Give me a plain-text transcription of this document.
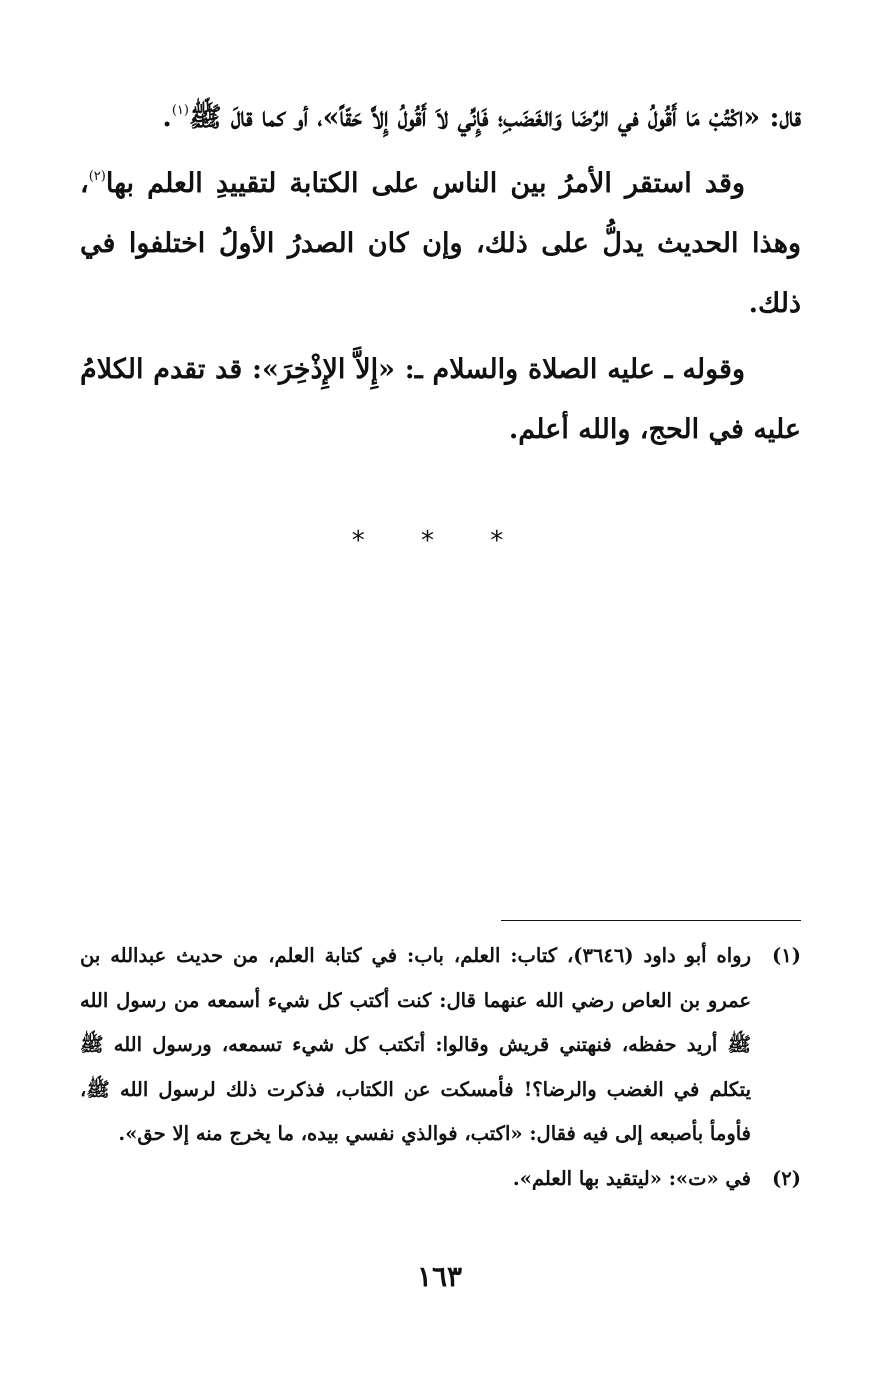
قال: «اكْتُبْ مَا أَقُولُ في الرِّضَا وَالغَضَبِ؛ فَإِنِّي لاَ أَقُولُ إِلاَّ حَقّاً»، أو كما قالَ ﷺ$^{(١)}$.

وقد استقر الأمرُ بين الناس على الكتابة لتقييدِ العلم بها$^{(٢)}$، وهذا الحديث يدلُّ على ذلك، وإن كان الصدرُ الأولُ اختلفوا في ذلك.

وقوله ـ عليه الصلاة والسلام ـ: «إِلاَّ الإِذْخِرَ»: قد تقدم الكلامُ عليه في الحج، والله أعلم.

* * *
(١)
رواه أبو داود (٣٦٤٦)، كتاب: العلم، باب: في كتابة العلم، من حديث عبدالله بن عمرو بن العاص رضي الله عنهما قال: كنت أكتب كل شيء أسمعه من رسول الله ﷺ أريد حفظه، فنهتني قريش وقالوا: أتكتب كل شيء تسمعه، ورسول الله ﷺ يتكلم في الغضب والرضا؟! فأمسكت عن الكتاب، فذكرت ذلك لرسول الله ﷺ، فأومأ بأصبعه إلى فيه فقال: «اكتب، فوالذي نفسي بيده، ما يخرج منه إلا حق».
(٢)
في «ت»: «ليتقيد بها العلم».
١٦٣
